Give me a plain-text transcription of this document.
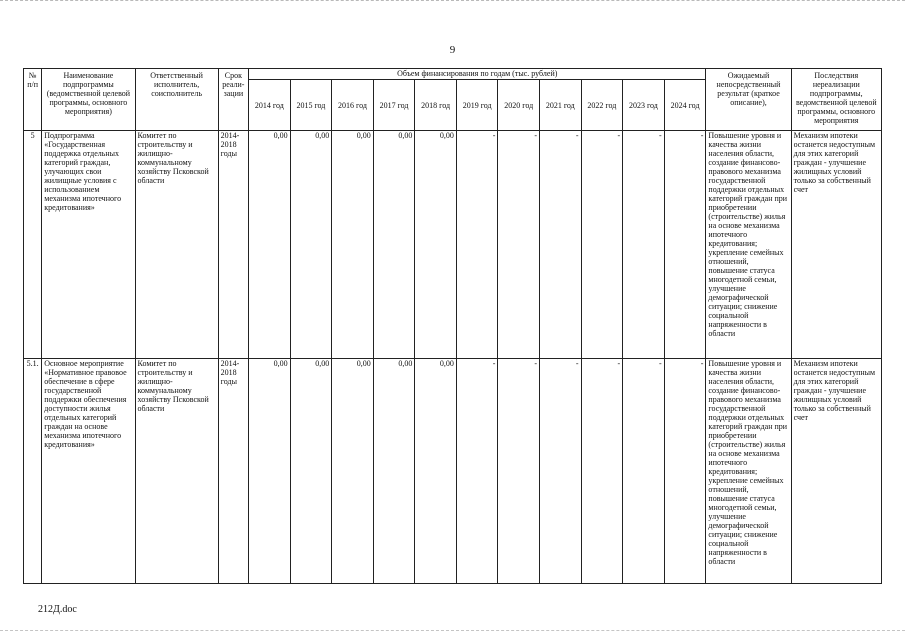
9
№ п/п	Наименование подпрограммы (ведомственной целевой программы, основного мероприятия)	Ответственный исполнитель, соисполнитель	Срок реали-зации	Объем финансирования по годам (тыс. рублей)											Ожидаемый непосредственный результат (краткое описание),	Последствия нереализации подпрограммы, ведомственной целевой программы, основного мероприятия
				2014 год	2015 год	2016 год	2017 год	2018 год	2019 год	2020 год	2021 год	2022 год	2023 год	2024 год		
5	Подпрограмма «Государственная поддержка отдельных категорий граждан, улучающих свои жилищные условия с использованием механизма ипотечного кредитования»	Комитет по строительству и жилищно-коммунальному хозяйству Псковской области	2014-2018 годы	0,00	0,00	0,00	0,00	0,00	-	-	-	-	-	-	Повышение уровня и качества жизни населения области, создание финансово-правового механизма государственной поддержки отдельных категорий граждан при приобретении (строительстве) жилья на основе механизма ипотечного кредитования; укрепление семейных отношений, повышение статуса многодетной семьи, улучшение демографической ситуации; снижение социальной напряженности в области	Механизм ипотеки останется недоступным для этих категорий граждан - улучшение жилищных условий только за собственный счет
5.1.	Основное мероприятие «Нормативное правовое обеспечение в сфере государственной поддержки обеспечения доступности жилья отдельных категорий граждан на основе механизма ипотечного кредитования»	Комитет по строительству и жилищно-коммунальному хозяйству Псковской области	2014-2018 годы	0,00	0,00	0,00	0,00	0,00	-	-	-	-	-	-	Повышение уровня и качества жизни населения области, создание финансово-правового механизма государственной поддержки отдельных категорий граждан при приобретении (строительстве) жилья на основе механизма ипотечного кредитования; укрепление семейных отношений, повышение статуса многодетной семьи, улучшение демографической ситуации; снижение социальной напряженности в области	Механизм ипотеки останется недоступным для этих категорий граждан - улучшение жилищных условий только за собственный счет
212Д.doc
